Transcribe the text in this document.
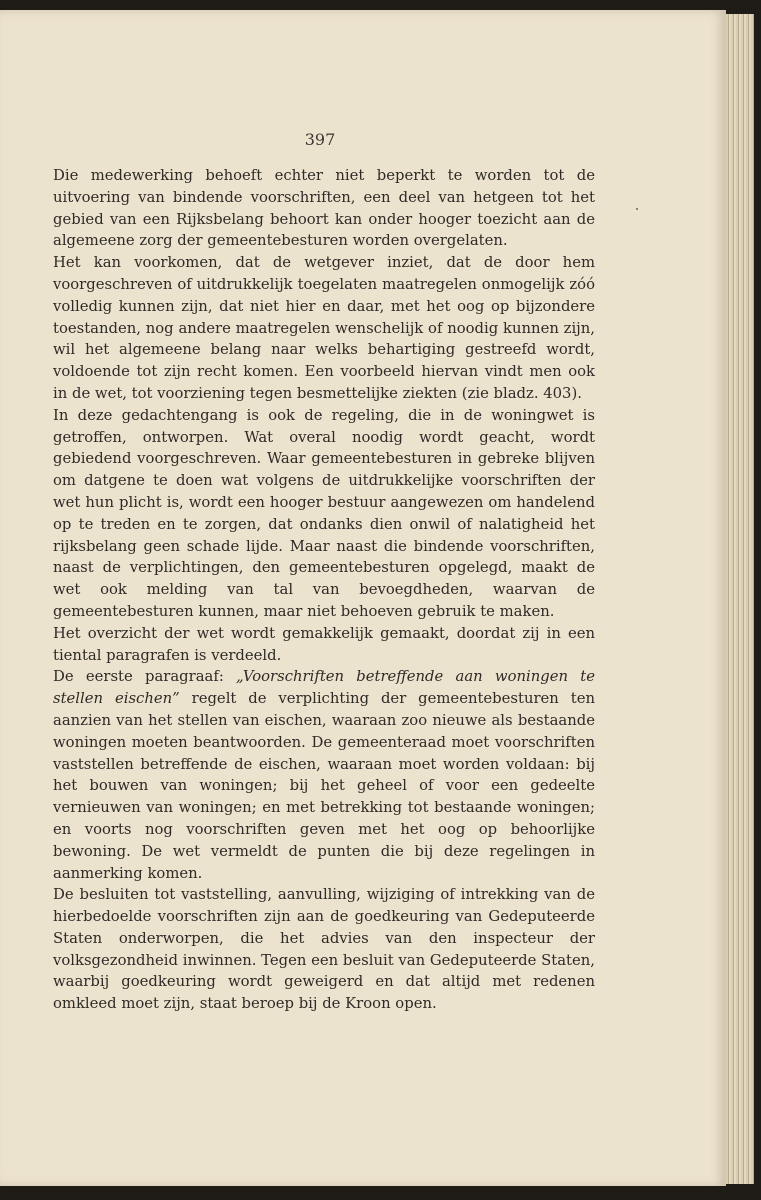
397

Die medewerking behoeft echter niet beperkt te worden tot de uitvoering van bindende voorschriften, een deel van hetgeen tot het gebied van een Rijksbelang behoort kan onder hooger toezicht aan de algemeene zorg der gemeentebesturen worden overgelaten.

Het kan voorkomen, dat de wetgever inziet, dat de door hem voorgeschreven of uitdrukkelijk toegelaten maatregelen onmogelijk zóó volledig kunnen zijn, dat niet hier en daar, met het oog op bijzondere toestanden, nog andere maatregelen wenschelijk of noodig kunnen zijn, wil het algemeene belang naar welks behartiging gestreefd wordt, voldoende tot zijn recht komen. Een voorbeeld hiervan vindt men ook in de wet, tot voorziening tegen besmettelijke ziekten (zie bladz. 403).

In deze gedachtengang is ook de regeling, die in de woningwet is getroffen, ontworpen. Wat overal noodig wordt geacht, wordt gebiedend voorgeschreven. Waar gemeentebesturen in gebreke blijven om datgene te doen wat volgens de uitdrukkelijke voorschriften der wet hun plicht is, wordt een hooger bestuur aangewezen om handelend op te treden en te zorgen, dat ondanks dien onwil of nalatigheid het rijksbelang geen schade lijde. Maar naast die bindende voorschriften, naast de verplichtingen, den gemeentebesturen opgelegd, maakt de wet ook melding van tal van bevoegdheden, waarvan de gemeentebesturen kunnen, maar niet behoeven gebruik te maken.

Het overzicht der wet wordt gemakkelijk gemaakt, doordat zij in een tiental paragrafen is verdeeld.

De eerste paragraaf: „Voorschriften betreffende aan woningen te stellen eischen” regelt de verplichting der gemeentebesturen ten aanzien van het stellen van eischen, waaraan zoo nieuwe als bestaande woningen moeten beantwoorden. De gemeenteraad moet voorschriften vaststellen betreffende de eischen, waaraan moet worden voldaan: bij het bouwen van woningen; bij het geheel of voor een gedeelte vernieuwen van woningen; en met betrekking tot bestaande woningen; en voorts nog voorschriften geven met het oog op behoorlijke bewoning. De wet vermeldt de punten die bij deze regelingen in aanmerking komen.

De besluiten tot vaststelling, aanvulling, wijziging of intrekking van de hierbedoelde voorschriften zijn aan de goedkeuring van Gedeputeerde Staten onderworpen, die het advies van den inspecteur der volksgezondheid inwinnen. Tegen een besluit van Gedeputeerde Staten, waarbij goedkeuring wordt geweigerd en dat altijd met redenen omkleed moet zijn, staat beroep bij de Kroon open.
